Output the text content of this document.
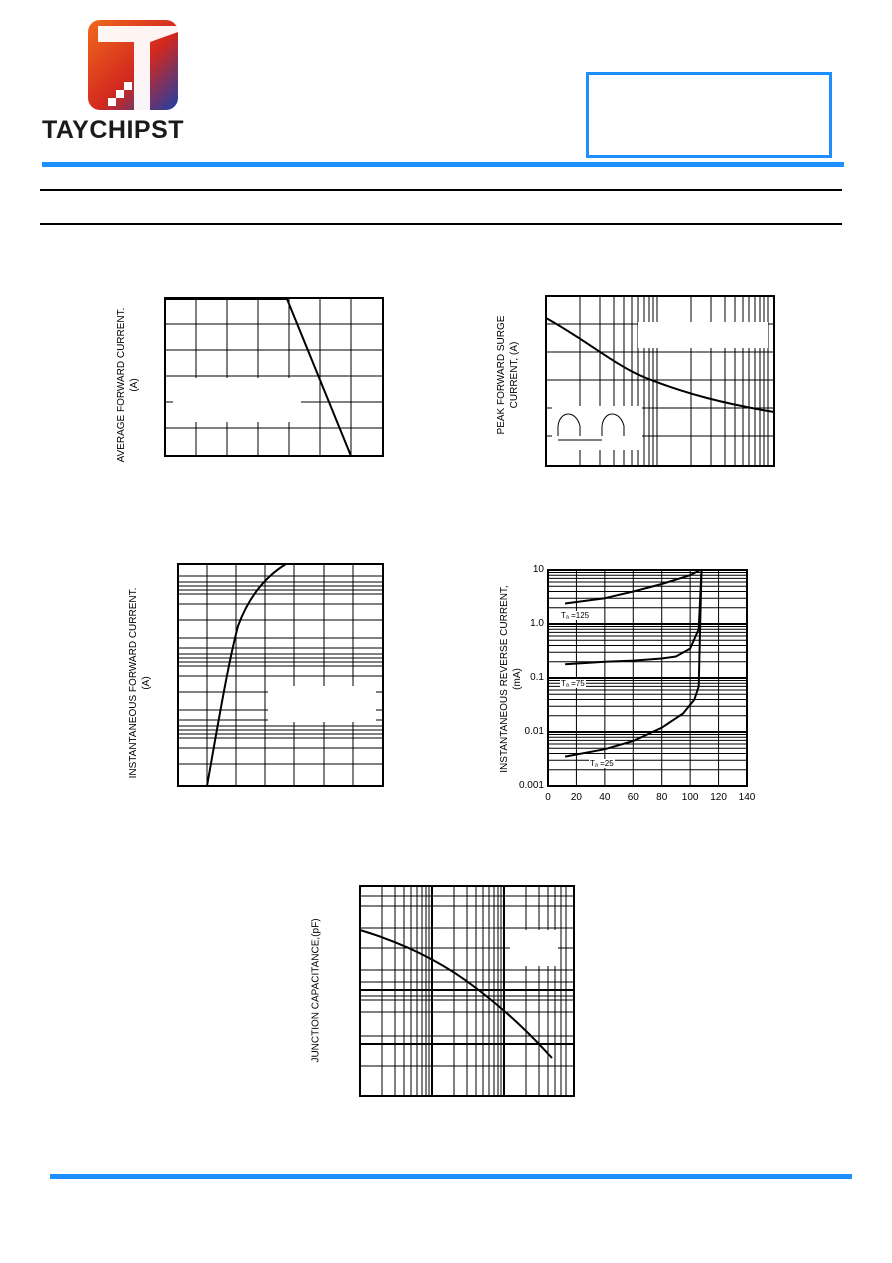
TAYCHIPST
AVERAGE FORWARD CURRENT. (A)	PEAK FORWARD SURGE CURRENT, (A)
INSTANTANEOUS FORWARD CURRENT. (A)	INSTANTANEOUS REVERSE CURRENT, (mA)
0	20	40	60	80	100	120	140
10
1.0
0.1
0.01
0.001
Tₐ =125
Tₐ =75
Tₐ =25
JUNCTION CAPACITANCE,(pF)
